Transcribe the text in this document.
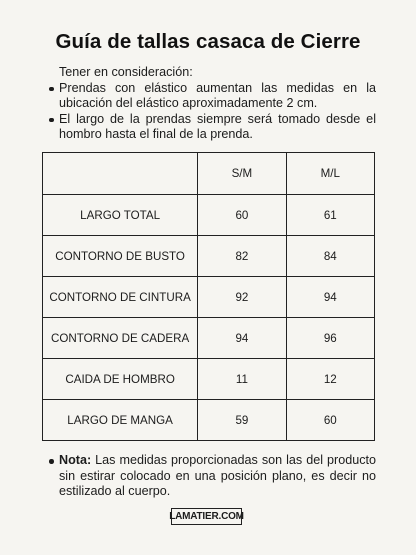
Guía de tallas casaca de Cierre
Tener en consideración:
Prendas con elástico aumentan las medidas en la ubicación del elástico aproximadamente 2 cm.
El largo de la prendas siempre será tomado desde el hombro hasta el final de la prenda.
	S/M	M/L
LARGO TOTAL	60	61
CONTORNO DE BUSTO	82	84
CONTORNO DE CINTURA	92	94
CONTORNO DE CADERA	94	96
CAIDA DE HOMBRO	11	12
LARGO DE MANGA	59	60
Nota: Las medidas proporcionadas son las del producto sin estirar colocado en una posición plano, es decir no estilizado al cuerpo.
LAMATIER.COM
